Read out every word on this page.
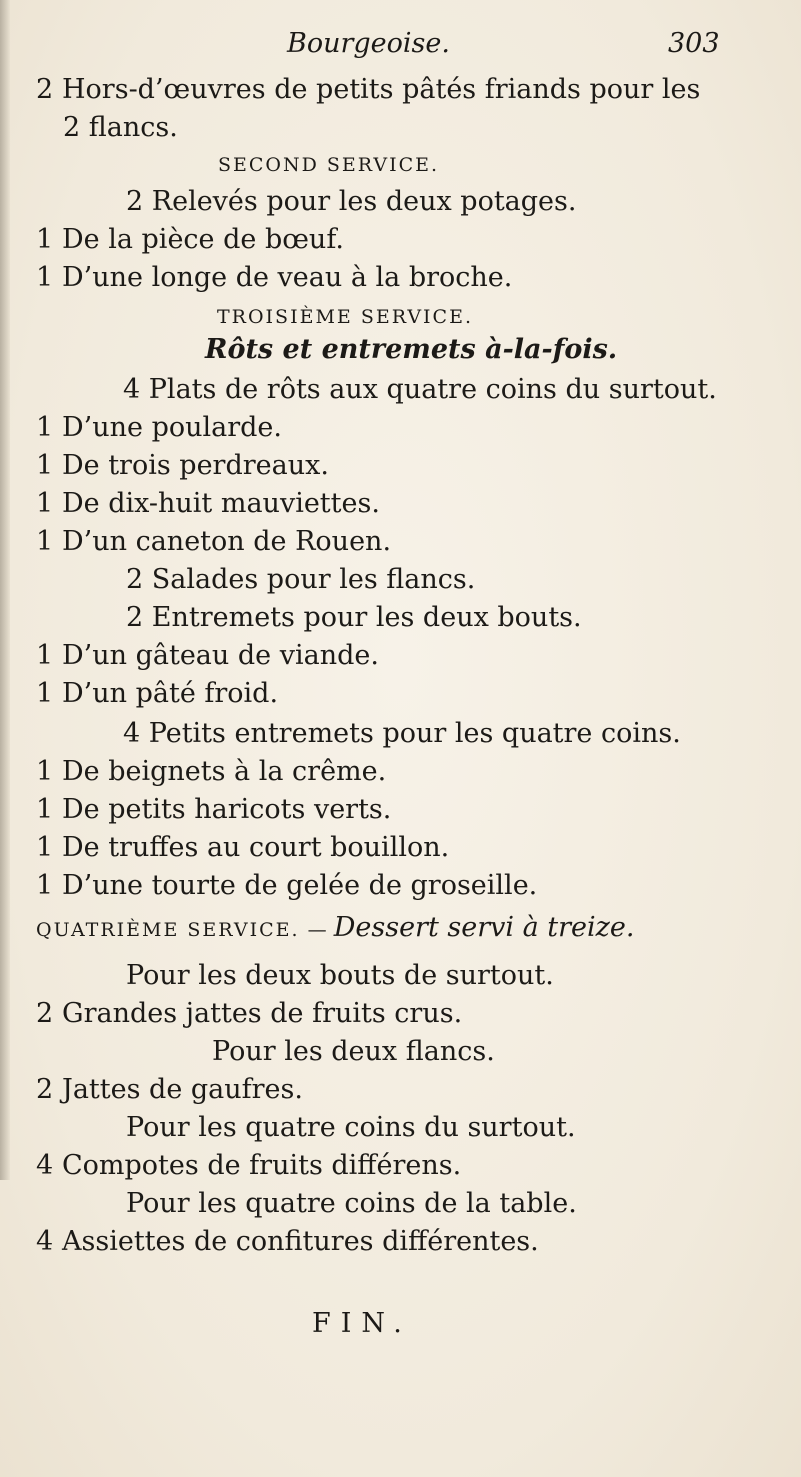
Bourgeoise.	303
2 Hors-d’œuvres de petits pâtés friands pour les
2 flancs.
SECOND SERVICE.
2 Relevés pour les deux potages.
1 De la pièce de bœuf.
1 D’une longe de veau à la broche.
TROISIÈME SERVICE.
Rôts et entremets à-la-fois.
4 Plats de rôts aux quatre coins du surtout.
1 D’une poularde.
1 De trois perdreaux.
1 De dix-huit mauviettes.
1 D’un caneton de Rouen.
2 Salades pour les flancs.
2 Entremets pour les deux bouts.
1 D’un gâteau de viande.
1 D’un pâté froid.
4 Petits entremets pour les quatre coins.
1 De beignets à la crême.
1 De petits haricots verts.
1 De truffes au court bouillon.
1 D’une tourte de gelée de groseille.
QUATRIÈME SERVICE. — Dessert servi à treize.
Pour les deux bouts de surtout.
2 Grandes jattes de fruits crus.
Pour les deux flancs.
2 Jattes de gaufres.
Pour les quatre coins du surtout.
4 Compotes de fruits différens.
Pour les quatre coins de la table.
4 Assiettes de confitures différentes.
FIN.
